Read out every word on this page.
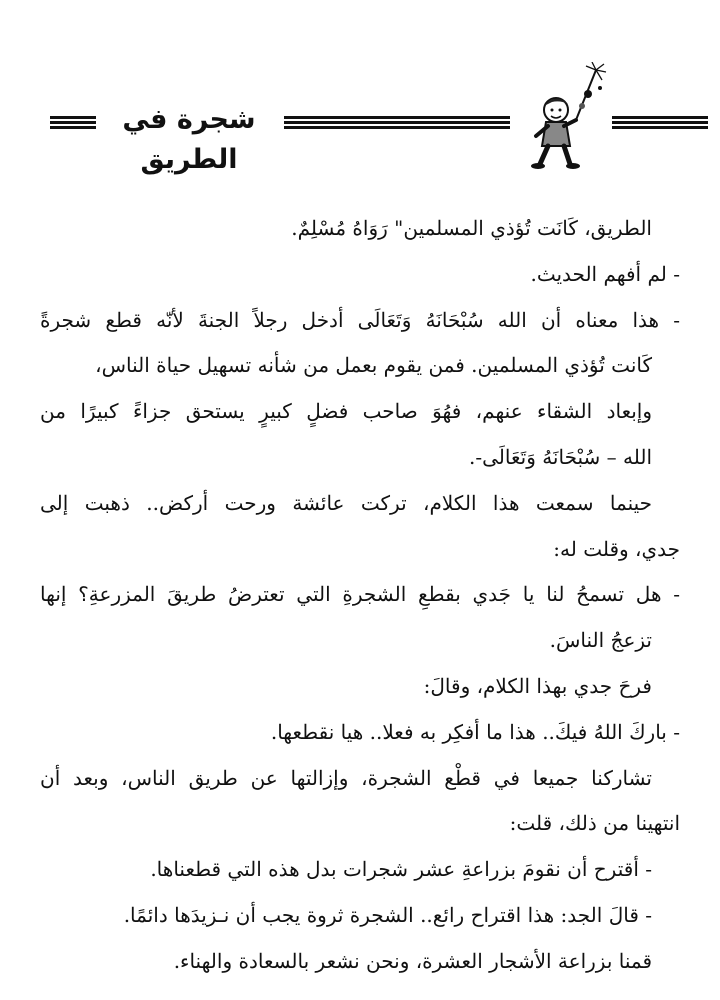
شجرة في الطريق
الطريق، كَانَت تُؤذي المسلمين" رَوَاهُ مُسْلِمٌ.
- لم أفهم الحديث.
- هذا معناه أن الله سُبْحَانَهُ وَتَعَالَى أدخل رجلاً الجنةَ لأنّه قطع شجرةً
كَانت تُؤذي المسلمين. فمن يقوم بعمل من شأنه تسهيل حياة الناس،
وإبعاد الشقاء عنهم، فهُوَ صاحب فضلٍ كبيرٍ يستحق جزاءً كبيرًا من
الله – سُبْحَانَهُ وَتَعَالَى-.
حينما سمعت هذا الكلام، تركت عائشة ورحت أركض.. ذهبت إلى
جدي، وقلت له:
- هل تسمحُ لنا يا جَدي بقطعِ الشجرةِ التي تعترضُ طريقَ المزرعةِ؟ إنها
تزعجُ الناسَ.
فرحَ جدي بهذا الكلام، وقالَ:
- باركَ اللهُ فيكَ.. هذا ما أفكِر به فعلا.. هيا نقطعها.
تشاركنا جميعا في قطْع الشجرة، وإزالتها عن طريق الناس، وبعد أن
انتهينا من ذلك، قلت:
- أقترح أن نقومَ بزراعةِ عشر شجرات بدل هذه التي قطعناها.
- قالَ الجد: هذا اقتراح رائع.. الشجرة ثروة يجب أن نـزيدَها دائمًا.
قمنا بزراعة الأشجار العشرة، ونحن نشعر بالسعادة والهناء.
